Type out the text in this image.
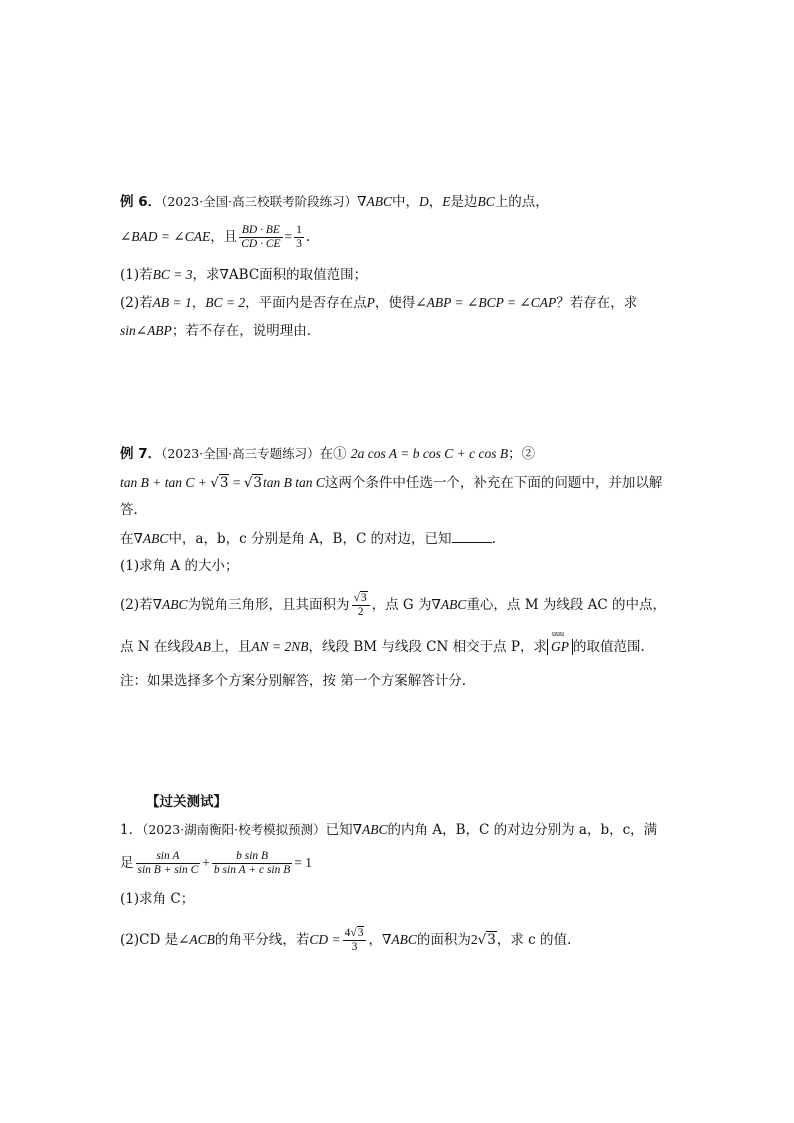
例 6．（2023·全国·高三校联考阶段练习）∇ABC中，D，E是边BC上的点，
∠BAD = ∠CAE，且 $\frac{BD \cdot BE}{CD \cdot CE} = \frac{1}{3}$ .
(1)若BC = 3，求∇ABC面积的取值范围；
(2)若AB = 1，BC = 2，平面内是否存在点P，使得∠ABP = ∠BCP = ∠CAP？若存在，求
sin∠ABP；若不存在，说明理由.
例 7．（2023·全国·高三专题练习）在① 2a cos A = b cos C + c cos B；②
tan B + tan C + √3 = √3tan B tan C这两个条件中任选一个，补充在下面的问题中，并加以解
答.
在∇ABC中，a，b，c 分别是角 A，B，C 的对边，已知	.
(1)求角 A 的大小；
(2)若∇ABC为锐角三角形，且其面积为 $\frac{√3}{2}$ ，点 G 为∇ABC重心，点 M 为线段 AC 的中点，
点 N 在线段AB上，且AN = 2NB，线段 BM 与线段 CN 相交于点 P，求
uuu
GP 的取值范围.
注：如果选择多个方案分别解答，按 第一个方案解答计分.
【过关测试】
1．（2023·湖南衡阳·校考模拟预测）已知∇ABC的内角 A，B，C 的对边分别为 a，b，c，满
足 $\frac{\text{sin A}}{\text{sin B + sin C}} + \frac{\text{b sin B}}{\text{b sin A + c sin B}} = 1$
(1)求角 C；
(2)CD 是∠ACB的角平分线，若CD = $\frac{4√3}{3}$ ，∇ABC的面积为2√3，求 c 的值.
